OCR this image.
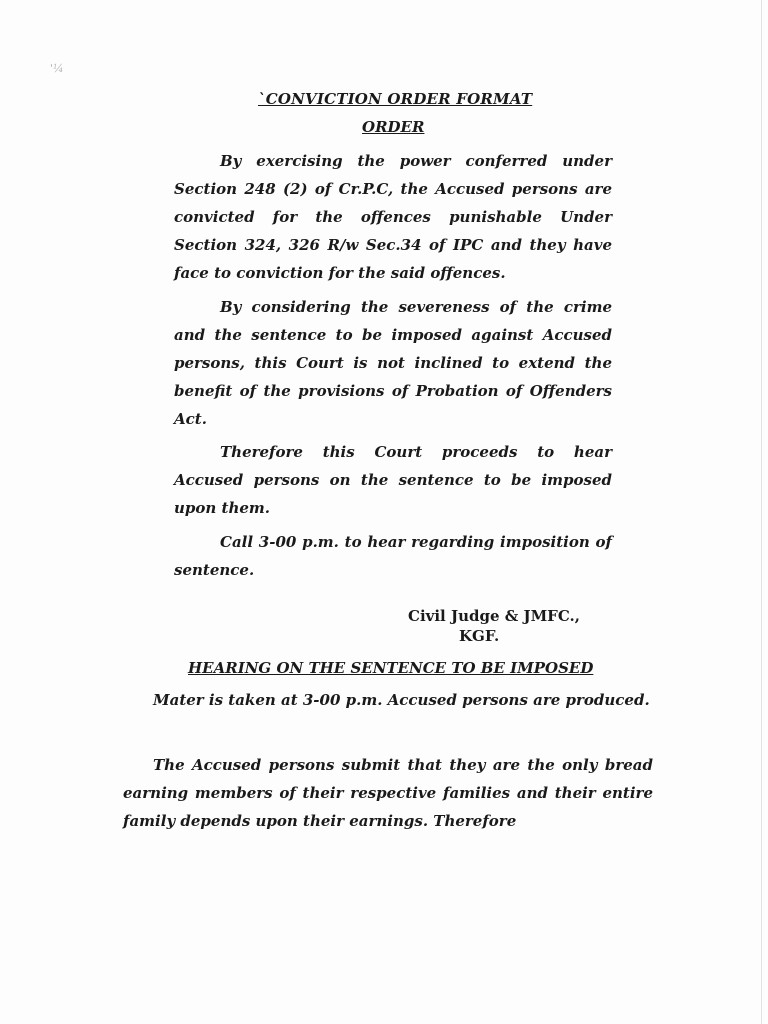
'¼
`CONVICTION ORDER FORMAT
ORDER

By exercising the power conferred under Section 248 (2) of Cr.P.C, the Accused persons are convicted for the offences punishable Under Section 324, 326 R/w Sec.34 of IPC and they have face to conviction for the said offences.

By considering the severeness of the crime and the sentence to be imposed against Accused persons, this Court is not inclined to extend the benefit of the provisions of Probation of Offenders Act.

Therefore this Court proceeds to hear Accused persons on the sentence to be imposed upon them.

Call 3-00 p.m. to hear regarding imposition of sentence.

Civil Judge & JMFC.,
KGF.
HEARING ON THE SENTENCE TO BE IMPOSED

Mater is taken at 3-00 p.m. Accused persons are produced.

The Accused persons submit that they are the only bread earning members of their respective families and their entire family depends upon their earnings. Therefore
